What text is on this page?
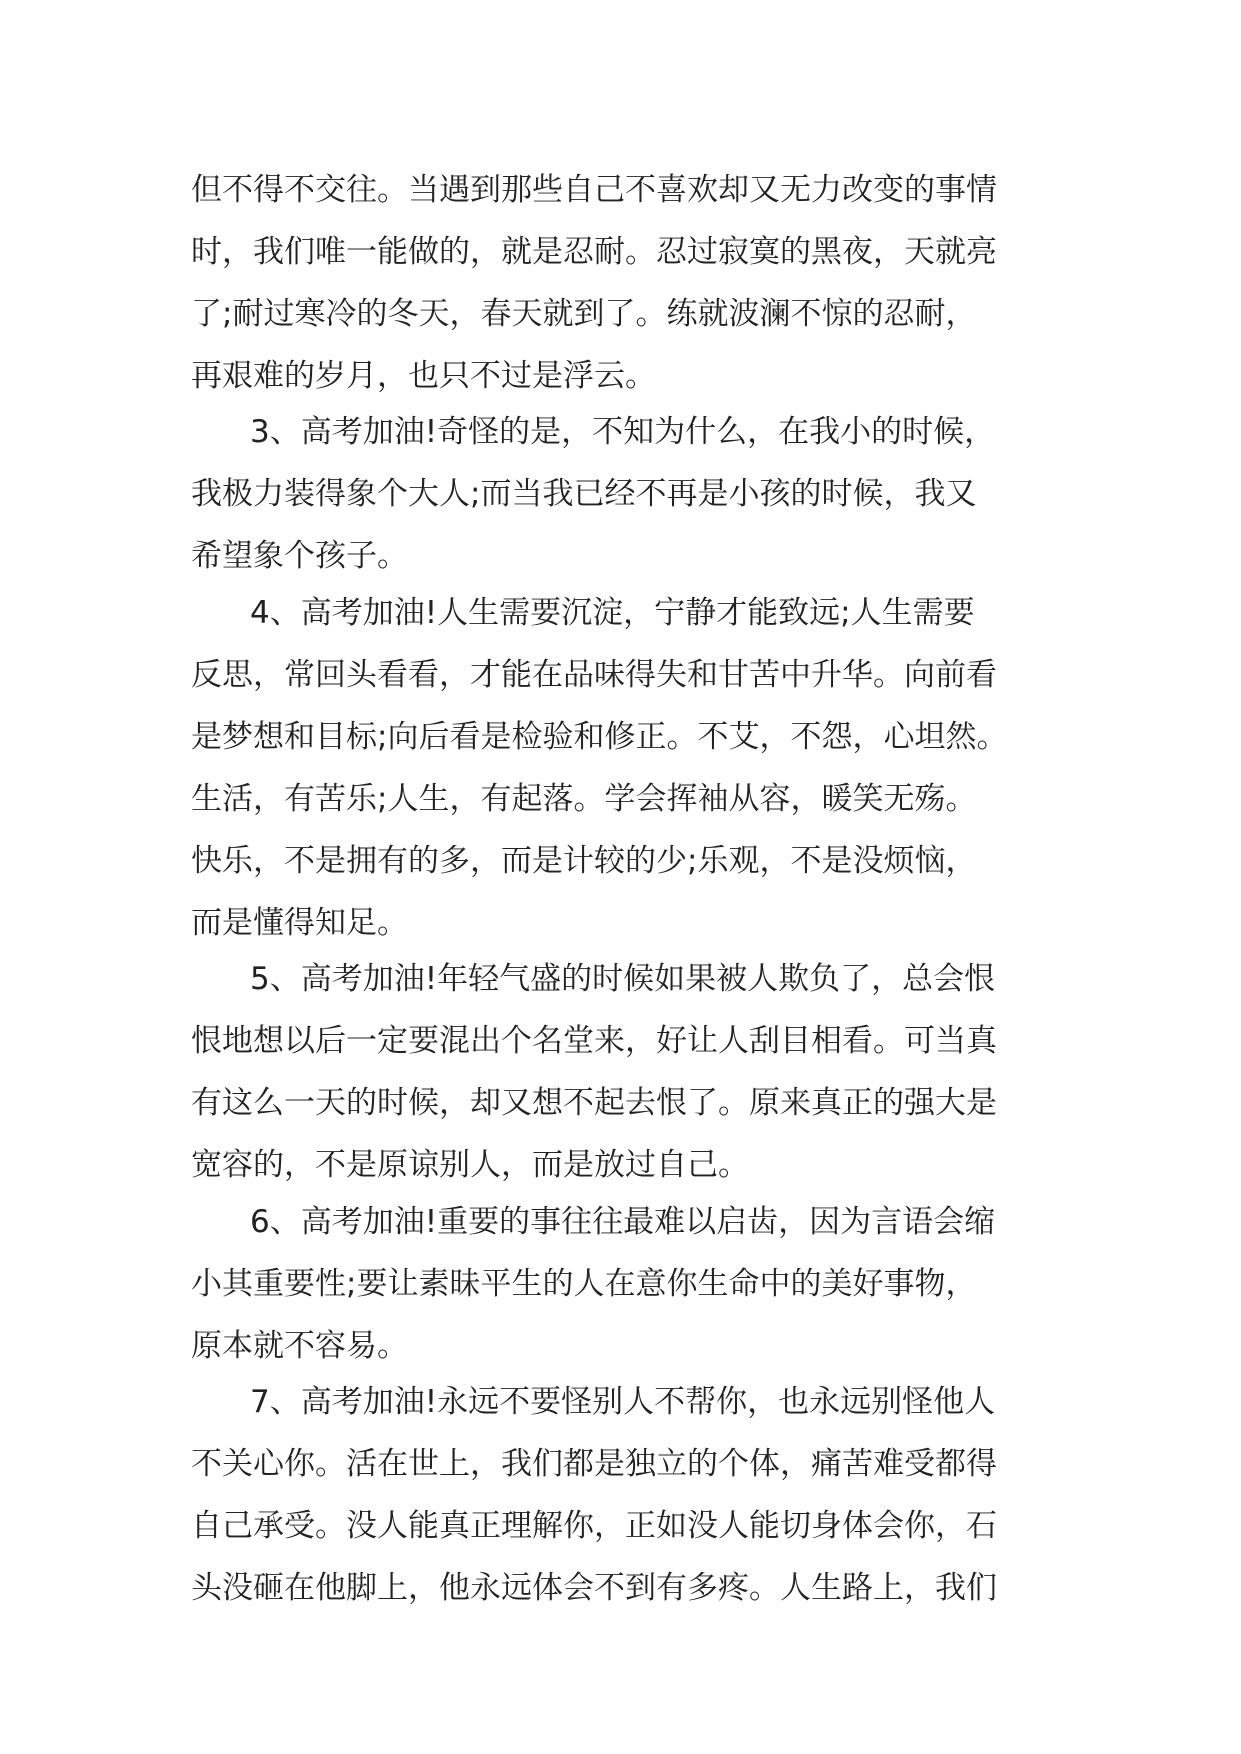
但不得不交往。当遇到那些自己不喜欢却又无力改变的事情
时，我们唯一能做的，就是忍耐。忍过寂寞的黑夜，天就亮
了;耐过寒冷的冬天，春天就到了。练就波澜不惊的忍耐，
再艰难的岁月，也只不过是浮云。
3、高考加油!奇怪的是，不知为什么，在我小的时候，
我极力装得象个大人;而当我已经不再是小孩的时候，我又
希望象个孩子。
4、高考加油!人生需要沉淀，宁静才能致远;人生需要
反思，常回头看看，才能在品味得失和甘苦中升华。向前看
是梦想和目标;向后看是检验和修正。不艾，不怨，心坦然。
生活，有苦乐;人生，有起落。学会挥袖从容，暖笑无殇。
快乐，不是拥有的多，而是计较的少;乐观，不是没烦恼，
而是懂得知足。
5、高考加油!年轻气盛的时候如果被人欺负了，总会恨
恨地想以后一定要混出个名堂来，好让人刮目相看。可当真
有这么一天的时候，却又想不起去恨了。原来真正的强大是
宽容的，不是原谅别人，而是放过自己。
6、高考加油!重要的事往往最难以启齿，因为言语会缩
小其重要性;要让素昧平生的人在意你生命中的美好事物，
原本就不容易。
7、高考加油!永远不要怪别人不帮你，也永远别怪他人
不关心你。活在世上，我们都是独立的个体，痛苦难受都得
自己承受。没人能真正理解你，正如没人能切身体会你，石
头没砸在他脚上，他永远体会不到有多疼。人生路上，我们
